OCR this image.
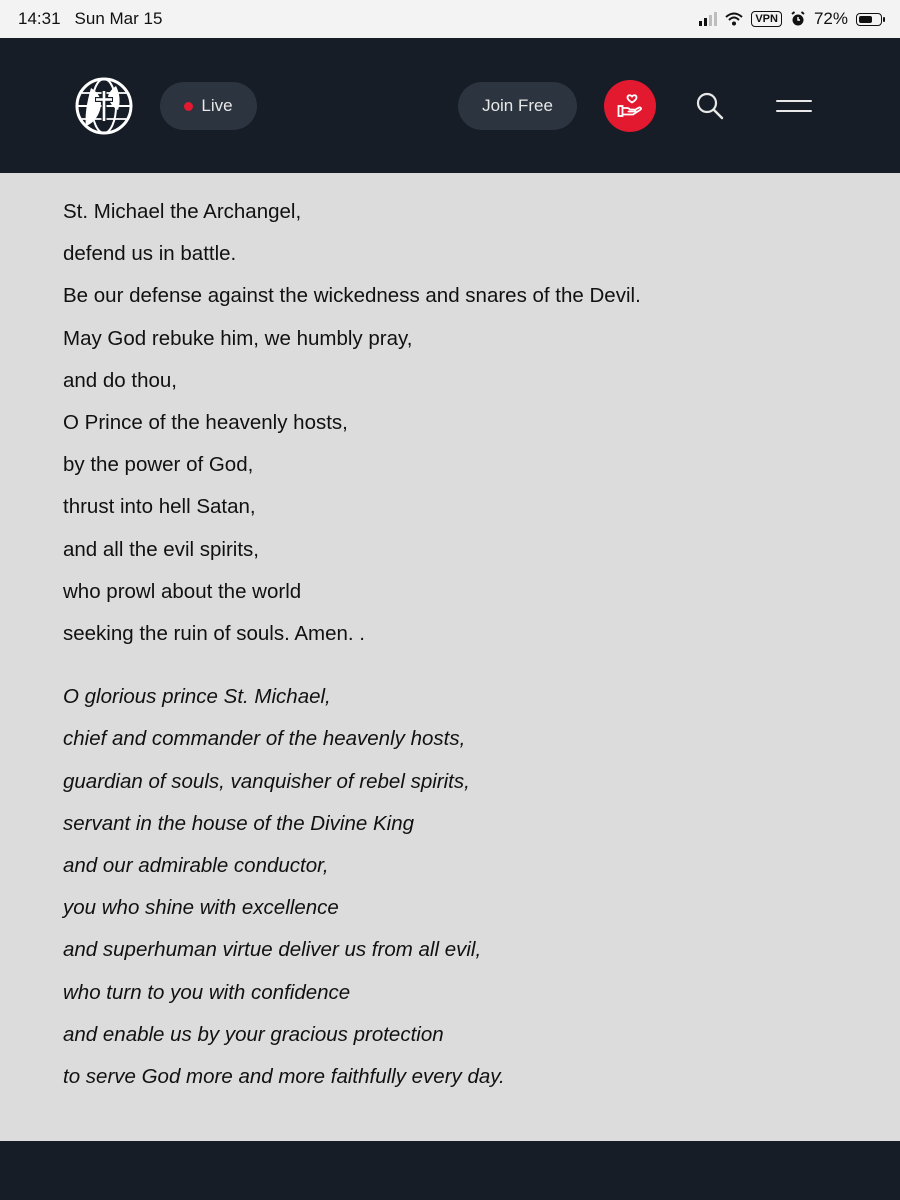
14:31 Sun Mar 15	VPN 72%
Live	Join Free

St. Michael the Archangel,

defend us in battle.

Be our defense against the wickedness and snares of the Devil.

May God rebuke him, we humbly pray,

and do thou,

O Prince of the heavenly hosts,

by the power of God,

thrust into hell Satan,

and all the evil spirits,

who prowl about the world

seeking the ruin of souls. Amen. .

O glorious prince St. Michael,

chief and commander of the heavenly hosts,

guardian of souls, vanquisher of rebel spirits,

servant in the house of the Divine King

and our admirable conductor,

you who shine with excellence

and superhuman virtue deliver us from all evil,

who turn to you with confidence

and enable us by your gracious protection

to serve God more and more faithfully every day.
